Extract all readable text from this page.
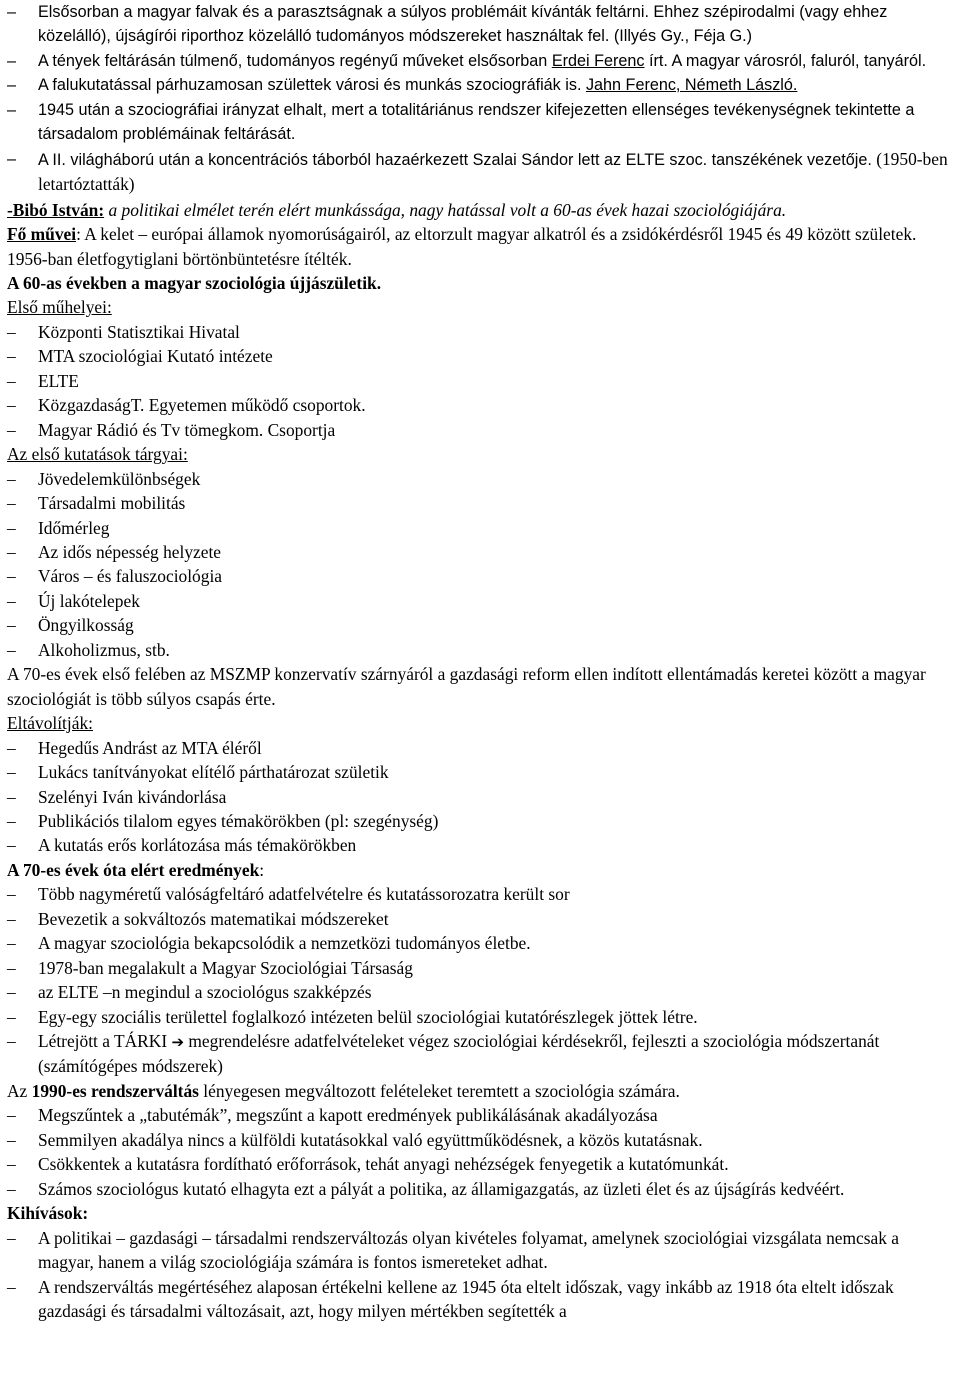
–	Elsősorban a magyar falvak és a parasztságnak a súlyos problémáit kívánták feltárni. Ehhez szépirodalmi (vagy ehhez közelálló), újságírói riporthoz közelálló tudományos módszereket használtak fel. (Illyés Gy., Féja G.)
–	A tények feltárásán túlmenő, tudományos regényű műveket elsősorban Erdei Ferenc írt. A magyar városról, faluról, tanyáról.
–	A falukutatással párhuzamosan születtek városi és munkás szociográfiák is. Jahn Ferenc, Németh László.
–	1945 után a szociográfiai irányzat elhalt, mert a totalitáriánus rendszer kifejezetten ellenséges tevékenységnek tekintette a társadalom problémáinak feltárását.
–	A II. világháború után a koncentrációs táborból hazaérkezett Szalai Sándor lett az ELTE szoc. tanszékének vezetője. (1950-ben letartóztatták)
-Bibó István: a politikai elmélet terén elért munkássága, nagy hatással volt a 60-as évek hazai szociológiájára.
Fő művei: A kelet – európai államok nyomorúságairól, az eltorzult magyar alkatról és a zsidókérdésről 1945 és 49 között születek. 1956-ban életfogytiglani börtönbüntetésre ítélték.
A 60-as években a magyar szociológia újjászületik.
Első műhelyei:
–	Központi Statisztikai Hivatal
–	MTA szociológiai Kutató intézete
–	ELTE
–	KözgazdaságT. Egyetemen működő csoportok.
–	Magyar Rádió és Tv tömegkom. Csoportja
Az első kutatások tárgyai:
–	Jövedelemkülönbségek
–	Társadalmi mobilitás
–	Időmérleg
–	Az idős népesség helyzete
–	Város – és faluszociológia
–	Új lakótelepek
–	Öngyilkosság
–	Alkoholizmus, stb.
A 70-es évek első felében az MSZMP konzervatív szárnyáról a gazdasági reform ellen indított ellentámadás keretei között a magyar szociológiát is több súlyos csapás érte.
Eltávolítják:
–	Hegedűs Andrást az MTA éléről
–	Lukács tanítványokat elítélő párthatározat születik
–	Szelényi Iván kivándorlása
–	Publikációs tilalom egyes témakörökben (pl: szegénység)
–	A kutatás erős korlátozása más témakörökben
A 70-es évek óta elért eredmények:
–	Több nagyméretű valóságfeltáró adatfelvételre és kutatássorozatra került sor
–	Bevezetik a sokváltozós matematikai módszereket
–	A magyar szociológia bekapcsolódik a nemzetközi tudományos életbe.
–	1978-ban megalakult a Magyar Szociológiai Társaság
–	az ELTE –n megindul a szociológus szakképzés
–	Egy-egy szociális területtel foglalkozó intézeten belül szociológiai kutatórészlegek jöttek létre.
–	Létrejött a TÁRKI ➔ megrendelésre adatfelvételeket végez szociológiai kérdésekről, fejleszti a szociológia módszertanát (számítógépes módszerek)
Az 1990-es rendszerváltás lényegesen megváltozott felételeket teremtett a szociológia számára.
–	Megszűntek a „tabutémák”, megszűnt a kapott eredmények publikálásának akadályozása
–	Semmilyen akadálya nincs a külföldi kutatásokkal való együttműködésnek, a közös kutatásnak.
–	Csökkentek a kutatásra fordítható erőforrások, tehát anyagi nehézségek fenyegetik a kutatómunkát.
–	Számos szociológus kutató elhagyta ezt a pályát a politika, az államigazgatás, az üzleti élet és az újságírás kedvéért.
Kihívások:
–	A politikai – gazdasági – társadalmi rendszerváltozás olyan kivételes folyamat, amelynek szociológiai vizsgálata nemcsak a magyar, hanem a világ szociológiája számára is fontos ismereteket adhat.
–	A rendszerváltás megértéséhez alaposan értékelni kellene az 1945 óta eltelt időszak, vagy inkább az 1918 óta eltelt időszak gazdasági és társadalmi változásait, azt, hogy milyen mértékben segítették a
